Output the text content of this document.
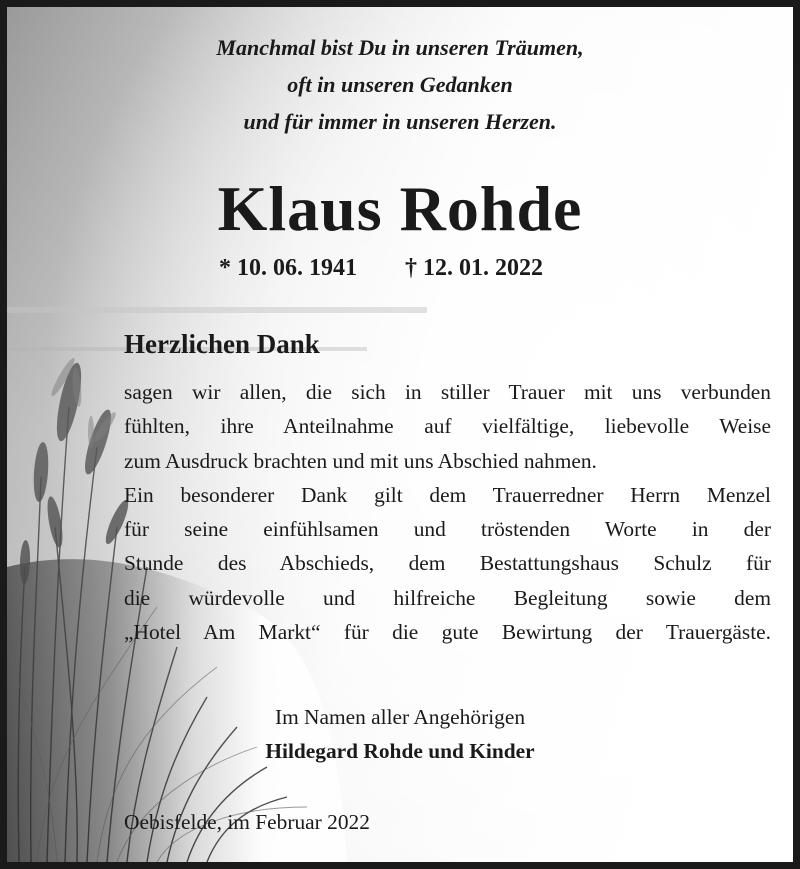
Manchmal bist Du in unseren Träumen,
oft in unseren Gedanken
und für immer in unseren Herzen.
Klaus Rohde
* 10. 06. 1941 † 12. 01. 2022
Herzlichen Dank
sagen wir allen, die sich in stiller Trauer mit uns verbunden
fühlten, ihre Anteilnahme auf vielfältige, liebevolle Weise
zum Ausdruck brachten und mit uns Abschied nahmen.
Ein besonderer Dank gilt dem Trauerredner Herrn Menzel
für seine einfühlsamen und tröstenden Worte in der
Stunde des Abschieds, dem Bestattungshaus Schulz für
die würdevolle und hilfreiche Begleitung sowie dem
„Hotel Am Markt“ für die gute Bewirtung der Trauergäste.
Im Namen aller Angehörigen
Hildegard Rohde und Kinder
Oebisfelde, im Februar 2022
